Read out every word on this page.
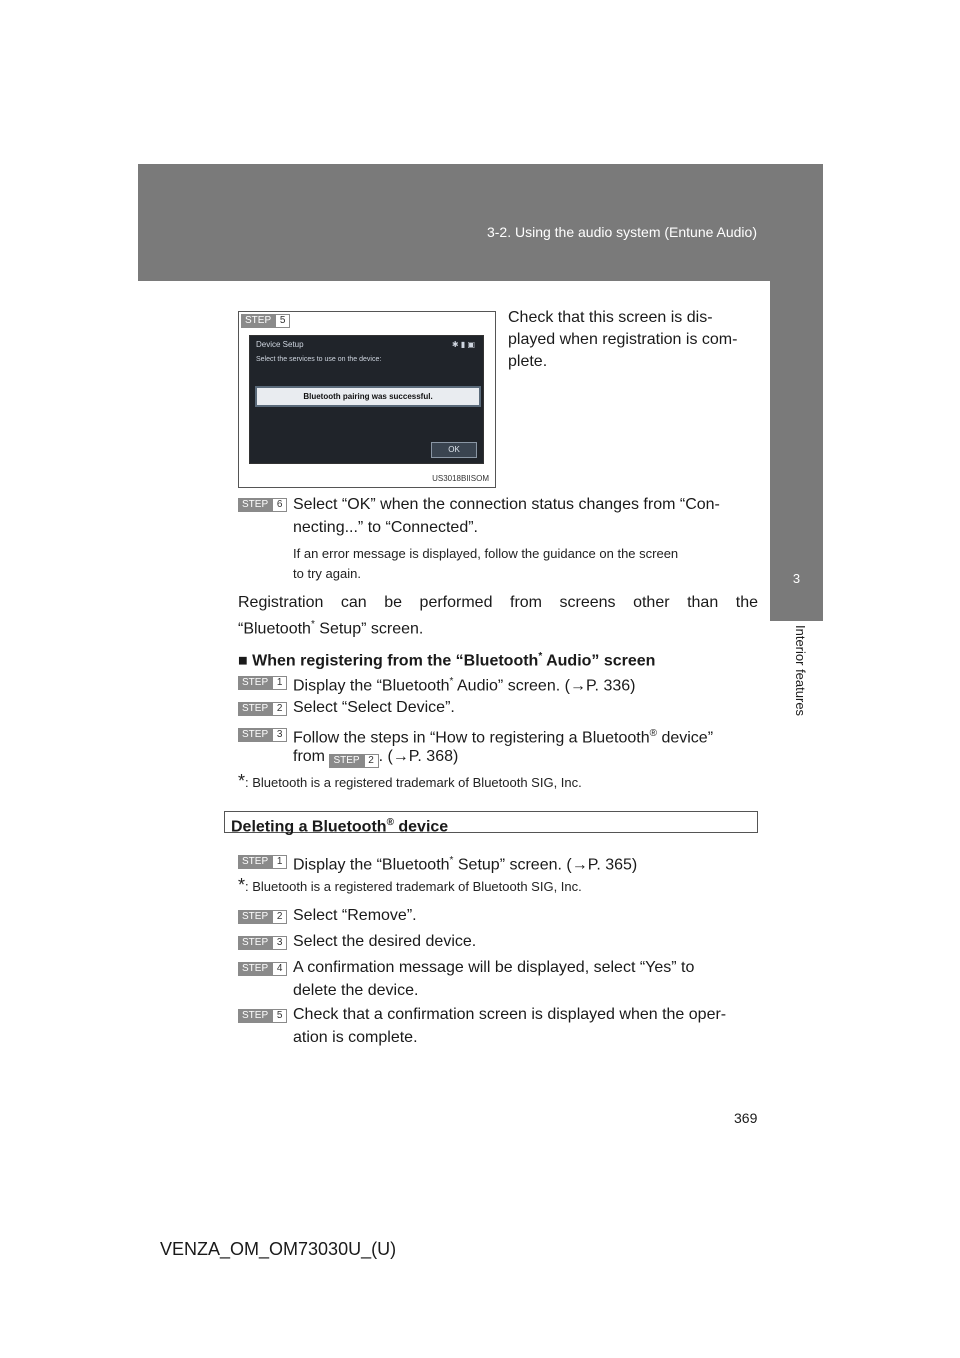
3-2. Using the audio system (Entune Audio)
3
Interior features
STEP 5
Device Setup	✱ ▮ ▣
Select the services to use on the device:
Bluetooth pairing was successful.
OK
US3018BIISOM
Check that this screen is dis-
played when registration is com-
plete.
STEP 6 Select “OK” when the connection status changes from “Con-
necting...” to “Connected”.
If an error message is displayed, follow the guidance on the screen
to try again.
Registration can be performed from screens other than the
“Bluetooth* Setup” screen.
■ When registering from the “Bluetooth* Audio” screen
STEP 1 Display the “Bluetooth* Audio” screen. (→P. 336)
STEP 2 Select “Select Device”.
STEP 3 Follow the steps in “How to registering a Bluetooth® device”
from STEP 2 . (→P. 368)
*: Bluetooth is a registered trademark of Bluetooth SIG, Inc.
Deleting a Bluetooth® device
STEP 1 Display the “Bluetooth* Setup” screen. (→P. 365)
*: Bluetooth is a registered trademark of Bluetooth SIG, Inc.
STEP 2 Select “Remove”.
STEP 3 Select the desired device.
STEP 4 A confirmation message will be displayed, select “Yes” to
delete the device.
STEP 5 Check that a confirmation screen is displayed when the oper-
ation is complete.
369
VENZA_OM_OM73030U_(U)
